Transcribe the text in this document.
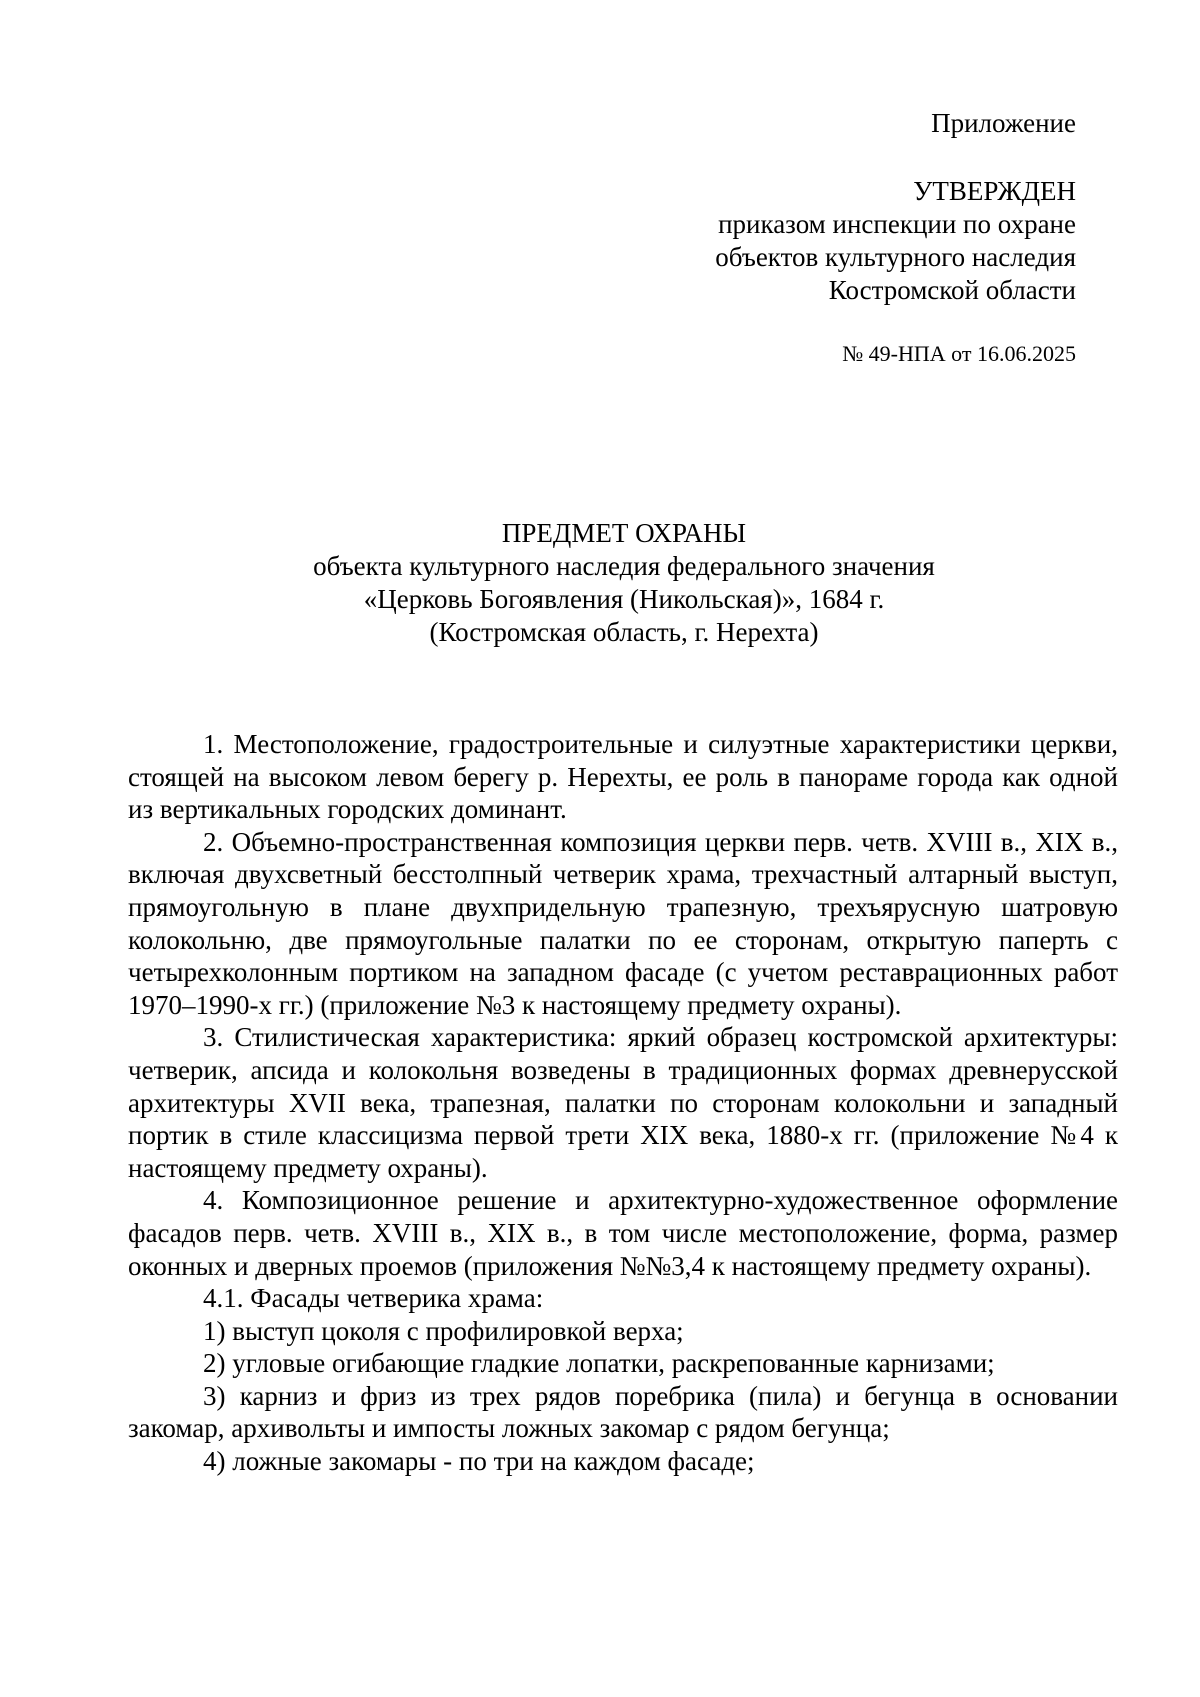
Приложение
УТВЕРЖДЕН
приказом инспекции по охране
объектов культурного наследия
Костромской области
№ 49-НПА от 16.06.2025
ПРЕДМЕТ ОХРАНЫ
объекта культурного наследия федерального значения
«Церковь Богоявления (Никольская)», 1684 г.
(Костромская область, г. Нерехта)

1. Местоположение, градостроительные и силуэтные характеристики церкви, стоящей на высоком левом берегу р. Нерехты, ее роль в панораме города как одной из вертикальных городских доминант.

2. Объемно-пространственная композиция церкви перв. четв. XVIII в., XIX в., включая двухсветный бесстолпный четверик храма, трехчастный алтарный выступ, прямоугольную в плане двухпридельную трапезную, трехъярусную шатровую колокольню, две прямоугольные палатки по ее сторонам, открытую паперть с четырехколонным портиком на западном фасаде (с учетом реставрационных работ 1970–1990-х гг.) (приложение №3 к настоящему предмету охраны).

3. Стилистическая характеристика: яркий образец костромской архитектуры: четверик, апсида и колокольня возведены в традиционных формах древнерусской архитектуры XVII века, трапезная, палатки по сторонам колокольни и западный портик в стиле классицизма первой трети XIX века, 1880-х гг. (приложение №4 к настоящему предмету охраны).

4. Композиционное решение и архитектурно-художественное оформление фасадов перв. четв. XVIII в., XIX в., в том числе местоположение, форма, размер оконных и дверных проемов (приложения №№3,4 к настоящему предмету охраны).

4.1. Фасады четверика храма:

1) выступ цоколя с профилировкой верха;

2) угловые огибающие гладкие лопатки, раскрепованные карнизами;

3) карниз и фриз из трех рядов поребрика (пила) и бегунца в основании закомар, архивольты и импосты ложных закомар с рядом бегунца;

4) ложные закомары - по три на каждом фасаде;
